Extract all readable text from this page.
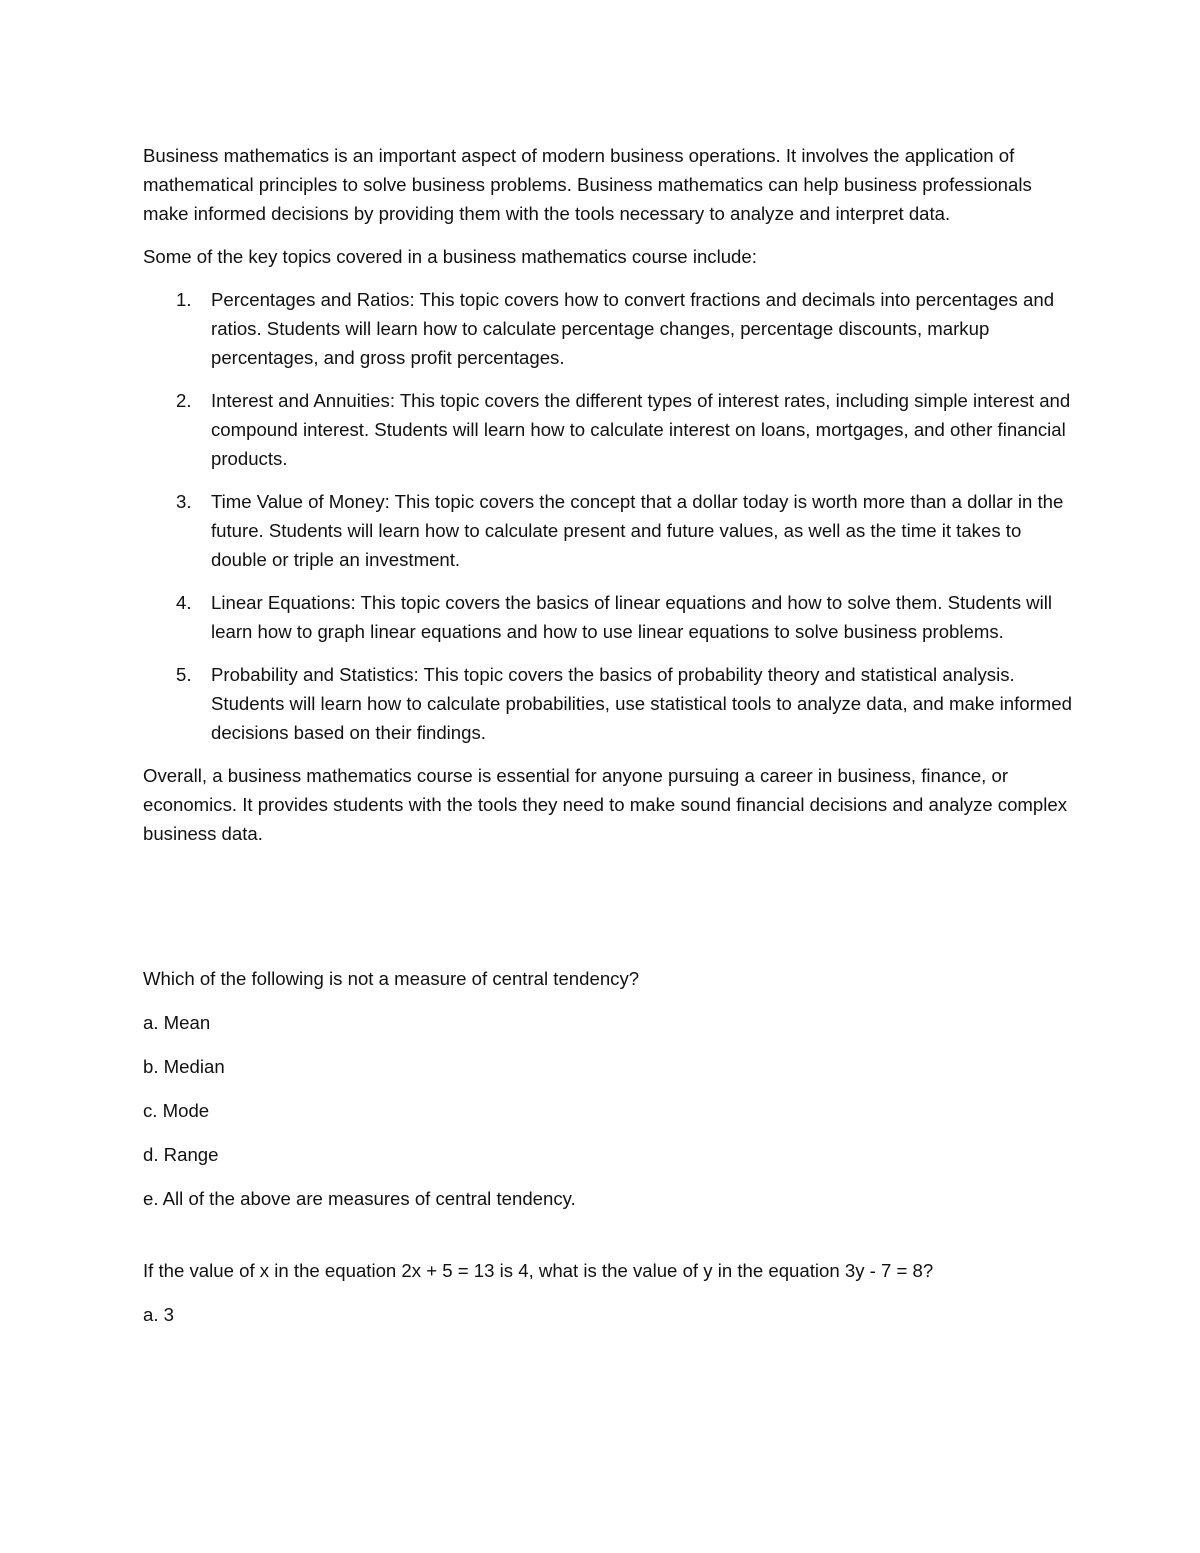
Business mathematics is an important aspect of modern business operations. It involves the application of mathematical principles to solve business problems. Business mathematics can help business professionals make informed decisions by providing them with the tools necessary to analyze and interpret data.

Some of the key topics covered in a business mathematics course include:

1. Percentages and Ratios: This topic covers how to convert fractions and decimals into percentages and ratios. Students will learn how to calculate percentage changes, percentage discounts, markup percentages, and gross profit percentages.
2. Interest and Annuities: This topic covers the different types of interest rates, including simple interest and compound interest. Students will learn how to calculate interest on loans, mortgages, and other financial products.
3. Time Value of Money: This topic covers the concept that a dollar today is worth more than a dollar in the future. Students will learn how to calculate present and future values, as well as the time it takes to double or triple an investment.
4. Linear Equations: This topic covers the basics of linear equations and how to solve them. Students will learn how to graph linear equations and how to use linear equations to solve business problems.
5. Probability and Statistics: This topic covers the basics of probability theory and statistical analysis. Students will learn how to calculate probabilities, use statistical tools to analyze data, and make informed decisions based on their findings.

Overall, a business mathematics course is essential for anyone pursuing a career in business, finance, or economics. It provides students with the tools they need to make sound financial decisions and analyze complex business data.

Which of the following is not a measure of central tendency?

a. Mean

b. Median

c. Mode

d. Range

e. All of the above are measures of central tendency.

If the value of x in the equation 2x + 5 = 13 is 4, what is the value of y in the equation 3y - 7 = 8?

a. 3
